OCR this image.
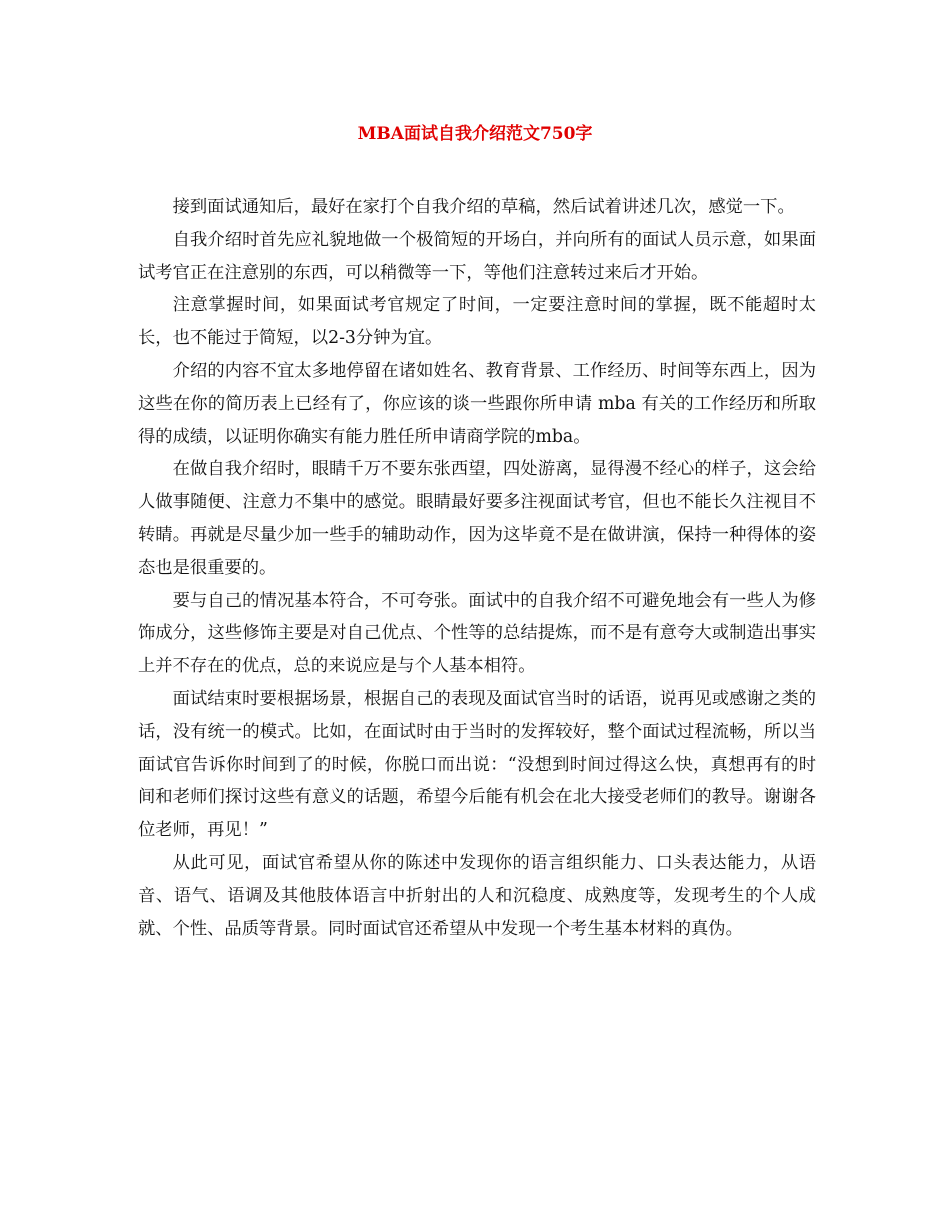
MBA面试自我介绍范文750字

接到面试通知后，最好在家打个自我介绍的草稿，然后试着讲述几次，感觉一下。

自我介绍时首先应礼貌地做一个极简短的开场白，并向所有的面试人员示意，如果面试考官正在注意别的东西，可以稍微等一下，等他们注意转过来后才开始。

注意掌握时间，如果面试考官规定了时间，一定要注意时间的掌握，既不能超时太长，也不能过于简短，以2-3分钟为宜。

介绍的内容不宜太多地停留在诸如姓名、教育背景、工作经历、时间等东西上，因为这些在你的简历表上已经有了，你应该的谈一些跟你所申请 mba 有关的工作经历和所取得的成绩，以证明你确实有能力胜任所申请商学院的mba。

在做自我介绍时，眼睛千万不要东张西望，四处游离，显得漫不经心的样子，这会给人做事随便、注意力不集中的感觉。眼睛最好要多注视面试考官，但也不能长久注视目不转睛。再就是尽量少加一些手的辅助动作，因为这毕竟不是在做讲演，保持一种得体的姿态也是很重要的。

要与自己的情况基本符合，不可夸张。面试中的自我介绍不可避免地会有一些人为修饰成分，这些修饰主要是对自己优点、个性等的总结提炼，而不是有意夸大或制造出事实上并不存在的优点，总的来说应是与个人基本相符。

面试结束时要根据场景，根据自己的表现及面试官当时的话语，说再见或感谢之类的话，没有统一的模式。比如，在面试时由于当时的发挥较好，整个面试过程流畅，所以当面试官告诉你时间到了的时候，你脱口而出说：“没想到时间过得这么快，真想再有的时间和老师们探讨这些有意义的话题，希望今后能有机会在北大接受老师们的教导。谢谢各位老师，再见！”

从此可见，面试官希望从你的陈述中发现你的语言组织能力、口头表达能力，从语音、语气、语调及其他肢体语言中折射出的人和沉稳度、成熟度等，发现考生的个人成就、个性、品质等背景。同时面试官还希望从中发现一个考生基本材料的真伪。
